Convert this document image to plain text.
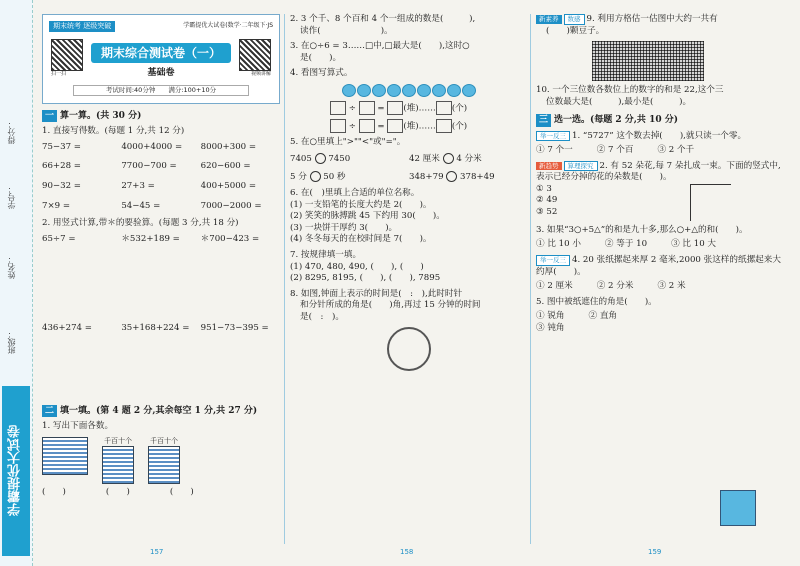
得分：
学号：
姓名：
班级：
学霸提优大试卷
期末统考 逐级突破	学霸提优大试卷(数学·二年级下·JS
扫一扫	视频讲解
期末综合测试卷（一）
基础卷
考试时间:40分钟　　满分:100+10分
一 算一算。(共 30 分)
1. 直接写得数。(每题 1 分,共 12 分)
75−37 =	4000+4000 =	8000+300 =
66+28 =	7700−700 =	620−600 =
90−32 =	27+3 =	400+5000 =
7×9 =	54−45 =	7000−2000 =
2. 用竖式计算,带＊的要验算。(每题 3 分,共 18 分)
65÷7 =	＊532+189 =	＊700−423 =
436+274 =	35+168+224 =	951−73−395 =
二 填一填。(第 4 题 2 分,其余每空 1 分,共 27 分)
1. 写出下面各数。
千百十个	千百十个
(　　)	(　　)	(　　)
2. 3 个千、8 个百和 4 个一组成的数是(　　　),
读作(　　　　　　　)。
3. 在○÷6 = 3……□中,□最大是(　　),这时○
是(　　)。
4. 看图写算式。
÷ = (堆)…… (个)
÷ = (堆)…… (个)
5. 在○里填上">""<"或"="。
7405 7450	42 厘米 4 分米
5 分 50 秒	348+79 378+49
6. 在(　)里填上合适的单位名称。
(1) 一支铅笔的长度大约是 2(　　)。
(2) 笑笑的脉搏跳 45 下约用 30(　　)。
(3) 一块饼干厚约 3(　　)。
(4) 冬冬每天的在校时间是 7(　　)。
7. 按规律填一填。
(1) 470, 480, 490, (　　), (　　)
(2) 8295, 8195, (　　), (　　), 7895
8. 如图,钟面上表示的时间是(　:　),此时时针
和分针所成的角是(　　)角,再过 15 分钟的时间
是(　:　)。
新素养 数感 9. 利用方格估一估图中大约一共有
(　　)颗豆子。
10. 一个三位数各数位上的数字的和是 22,这个三
位数最大是(　　　),最小是(　　　)。
三 选一选。(每题 2 分,共 10 分)
举一反三 1. “5727” 这个数去掉(　　),就只读一个零。
① 7 个一	② 7 个百	③ 2 个千
新趋势 算理探究 2. 有 52 朵花,每 7 朵扎成一束。下面的竖式中,表示已经分掉的花的朵数是(　　)。
① 3
② 49
③ 52
3. 如果“3○+5△”的和是九十多,那么○+△的和(　　)。
① 比 10 小	② 等于 10	③ 比 10 大
举一反三 4. 20 张纸摞起来厚 2 毫米,2000 张这样的纸摞起来大约厚(　　)。
① 2 厘米	② 2 分米	③ 2 米
5. 图中被纸遮住的角是(　　)。
① 锐角	② 直角
③ 钝角
157	158	159
